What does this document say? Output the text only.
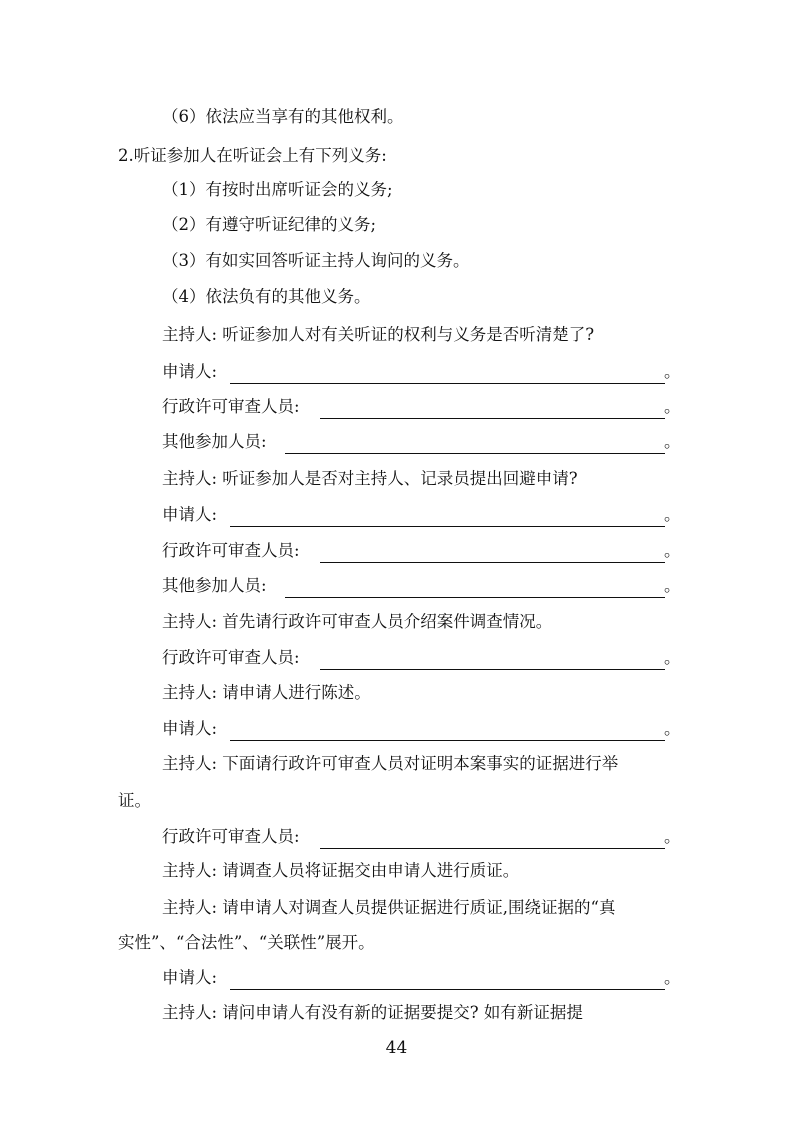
（6）依法应当享有的其他权利。
2.听证参加人在听证会上有下列义务:
（1）有按时出席听证会的义务;
（2）有遵守听证纪律的义务;
（3）有如实回答听证主持人询问的义务。
（4）依法负有的其他义务。
主持人: 听证参加人对有关听证的权利与义务是否听清楚了?
申请人:	。
行政许可审查人员:	。
其他参加人员:	。
主持人: 听证参加人是否对主持人、记录员提出回避申请?
申请人:	。
行政许可审查人员:	。
其他参加人员:	。
主持人: 首先请行政许可审查人员介绍案件调查情况。
行政许可审查人员:	。
主持人: 请申请人进行陈述。
申请人:	。
主持人: 下面请行政许可审查人员对证明本案事实的证据进行举
证。
行政许可审查人员:	。
主持人: 请调查人员将证据交由申请人进行质证。
主持人: 请申请人对调查人员提供证据进行质证,围绕证据的“真
实性”、“合法性”、“关联性”展开。
申请人:	。
主持人: 请问申请人有没有新的证据要提交? 如有新证据提
44
